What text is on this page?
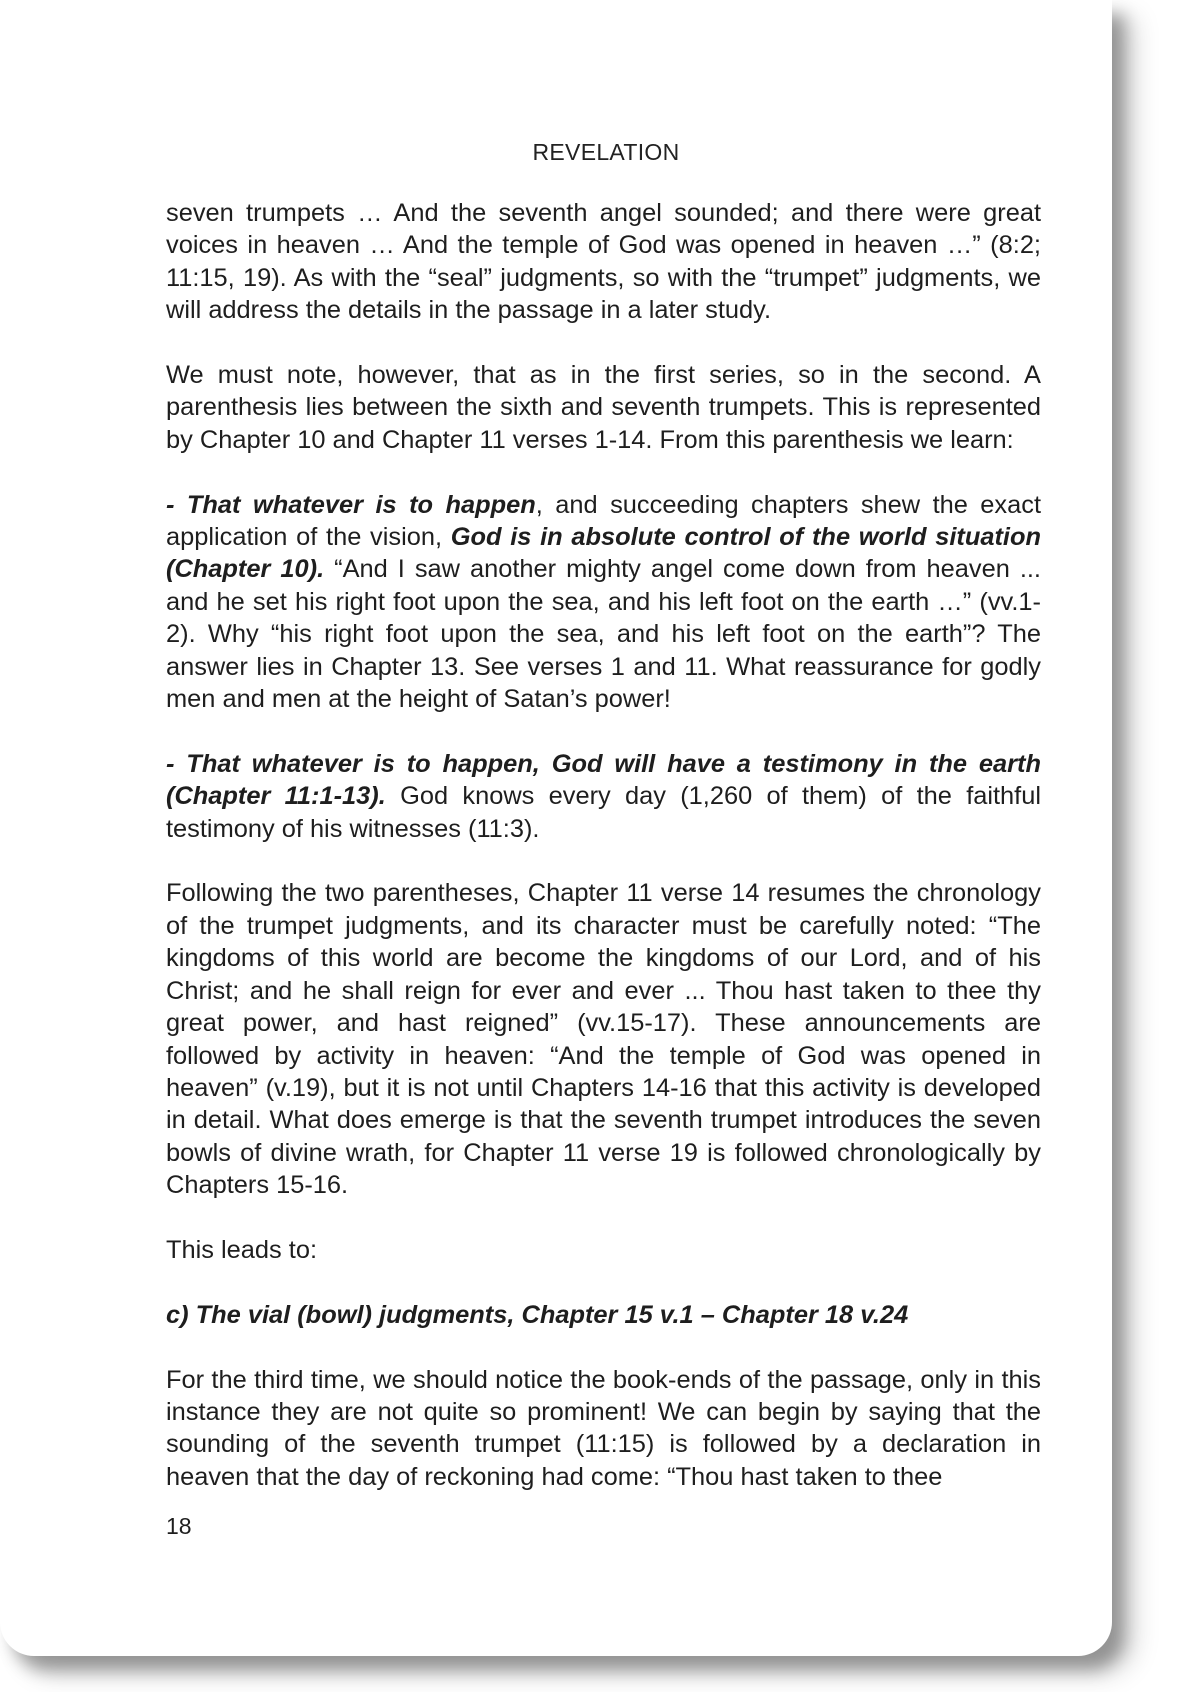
REVELATION

seven trumpets … And the seventh angel sounded; and there were great voices in heaven … And the temple of God was opened in heaven …” (8:2; 11:15, 19). As with the “seal” judgments, so with the “trumpet” judgments, we will address the details in the passage in a later study.

We must note, however, that as in the first series, so in the second. A parenthesis lies between the sixth and seventh trumpets. This is represented by Chapter 10 and Chapter 11 verses 1-14. From this parenthesis we learn:

- That whatever is to happen, and succeeding chapters shew the exact application of the vision, God is in absolute control of the world situation (Chapter 10). “And I saw another mighty angel come down from heaven ... and he set his right foot upon the sea, and his left foot on the earth …” (vv.1-2). Why “his right foot upon the sea, and his left foot on the earth”? The answer lies in Chapter 13. See verses 1 and 11. What reassurance for godly men and men at the height of Satan’s power!

- That whatever is to happen, God will have a testimony in the earth (Chapter 11:1-13). God knows every day (1,260 of them) of the faithful testimony of his witnesses (11:3).

Following the two parentheses, Chapter 11 verse 14 resumes the chronology of the trumpet judgments, and its character must be carefully noted: “The kingdoms of this world are become the kingdoms of our Lord, and of his Christ; and he shall reign for ever and ever ... Thou hast taken to thee thy great power, and hast reigned” (vv.15-17). These announcements are followed by activity in heaven: “And the temple of God was opened in heaven” (v.19), but it is not until Chapters 14-16 that this activity is developed in detail. What does emerge is that the seventh trumpet introduces the seven bowls of divine wrath, for Chapter 11 verse 19 is followed chronologically by Chapters 15-16.

This leads to:

c) The vial (bowl) judgments, Chapter 15 v.1 – Chapter 18 v.24

For the third time, we should notice the book-ends of the passage, only in this instance they are not quite so prominent! We can begin by saying that the sounding of the seventh trumpet (11:15) is followed by a declaration in heaven that the day of reckoning had come: “Thou hast taken to thee

18
